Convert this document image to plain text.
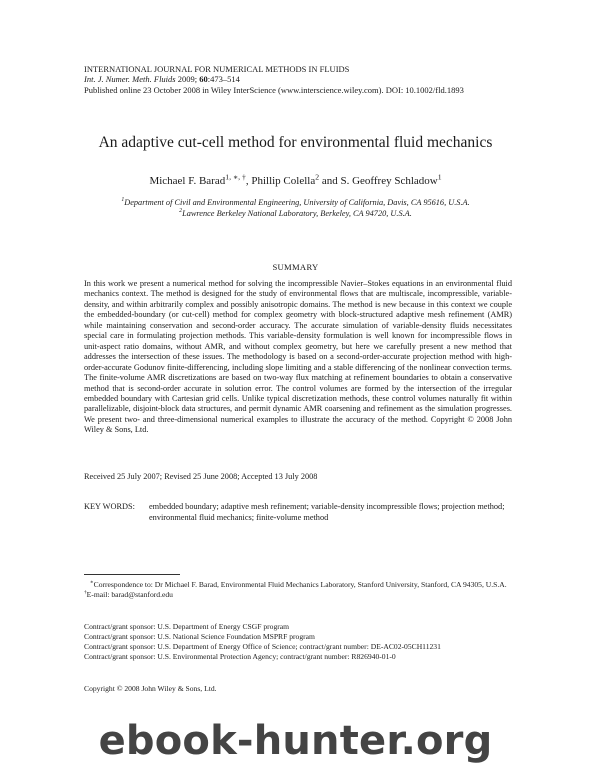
INTERNATIONAL JOURNAL FOR NUMERICAL METHODS IN FLUIDS
Int. J. Numer. Meth. Fluids 2009; 60:473–514
Published online 23 October 2008 in Wiley InterScience (www.interscience.wiley.com). DOI: 10.1002/fld.1893
An adaptive cut-cell method for environmental fluid mechanics
Michael F. Barad$^{1, ∗, \dagger}$, Phillip Colella$^2$ and S. Geoffrey Schladow$^1$
$^1$Department of Civil and Environmental Engineering, University of California, Davis, CA 95616, U.S.A.
$^2$Lawrence Berkeley National Laboratory, Berkeley, CA 94720, U.S.A.
SUMMARY
In this work we present a numerical method for solving the incompressible Navier–Stokes equations in an environmental fluid mechanics context. The method is designed for the study of environmental flows that are multiscale, incompressible, variable-density, and within arbitrarily complex and possibly anisotropic domains. The method is new because in this context we couple the embedded-boundary (or cut-cell) method for complex geometry with block-structured adaptive mesh refinement (AMR) while maintaining conservation and second-order accuracy. The accurate simulation of variable-density fluids necessitates special care in formulating projection methods. This variable-density formulation is well known for incompressible flows in unit-aspect ratio domains, without AMR, and without complex geometry, but here we carefully present a new method that addresses the intersection of these issues. The methodology is based on a second-order-accurate projection method with high-order-accurate Godunov finite-differencing, including slope limiting and a stable differencing of the nonlinear convection terms. The finite-volume AMR discretizations are based on two-way flux matching at refinement boundaries to obtain a conservative method that is second-order accurate in solution error. The control volumes are formed by the intersection of the irregular embedded boundary with Cartesian grid cells. Unlike typical discretization methods, these control volumes naturally fit within parallelizable, disjoint-block data structures, and permit dynamic AMR coarsening and refinement as the simulation progresses. We present two- and three-dimensional numerical examples to illustrate the accuracy of the method. Copyright © 2008 John Wiley & Sons, Ltd.
Received 25 July 2007; Revised 25 June 2008; Accepted 13 July 2008
KEY WORDS: embedded boundary; adaptive mesh refinement; variable-density incompressible flows; projection method; environmental fluid mechanics; finite-volume method
∗Correspondence to: Dr Michael F. Barad, Environmental Fluid Mechanics Laboratory, Stanford University, Stanford, CA 94305, U.S.A.
†E-mail: barad@stanford.edu
Contract/grant sponsor: U.S. Department of Energy CSGF program
Contract/grant sponsor: U.S. National Science Foundation MSPRF program
Contract/grant sponsor: U.S. Department of Energy Office of Science; contract/grant number: DE-AC02-05CH11231
Contract/grant sponsor: U.S. Environmental Protection Agency; contract/grant number: R826940-01-0
Copyright © 2008 John Wiley & Sons, Ltd.
ebook-hunter.org
